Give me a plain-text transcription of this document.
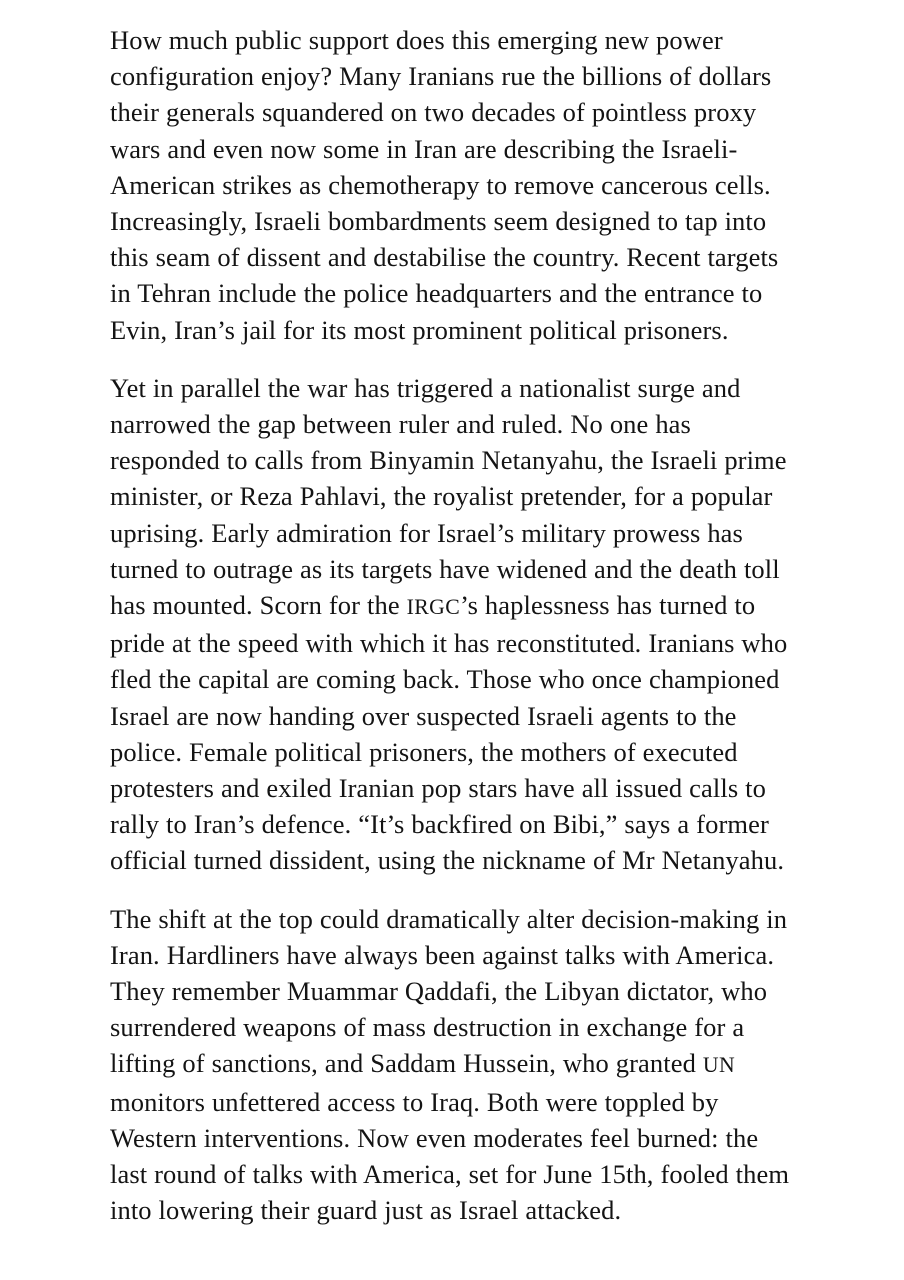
How much public support does this emerging new power configuration enjoy? Many Iranians rue the billions of dollars their generals squandered on two decades of pointless proxy wars and even now some in Iran are describing the Israeli-American strikes as chemotherapy to remove cancerous cells. Increasingly, Israeli bombardments seem designed to tap into this seam of dissent and destabilise the country. Recent targets in Tehran include the police headquarters and the entrance to Evin, Iran’s jail for its most prominent political prisoners.

Yet in parallel the war has triggered a nationalist surge and narrowed the gap between ruler and ruled. No one has responded to calls from Binyamin Netanyahu, the Israeli prime minister, or Reza Pahlavi, the royalist pretender, for a popular uprising. Early admiration for Israel’s military prowess has turned to outrage as its targets have widened and the death toll has mounted. Scorn for the IRGC’s haplessness has turned to pride at the speed with which it has reconstituted. Iranians who fled the capital are coming back. Those who once championed Israel are now handing over suspected Israeli agents to the police. Female political prisoners, the mothers of executed protesters and exiled Iranian pop stars have all issued calls to rally to Iran’s defence. “It’s backfired on Bibi,” says a former official turned dissident, using the nickname of Mr Netanyahu.

The shift at the top could dramatically alter decision-making in Iran. Hardliners have always been against talks with America. They remember Muammar Qaddafi, the Libyan dictator, who surrendered weapons of mass destruction in exchange for a lifting of sanctions, and Saddam Hussein, who granted UN monitors unfettered access to Iraq. Both were toppled by Western interventions. Now even moderates feel burned: the last round of talks with America, set for June 15th, fooled them into lowering their guard just as Israel attacked.
